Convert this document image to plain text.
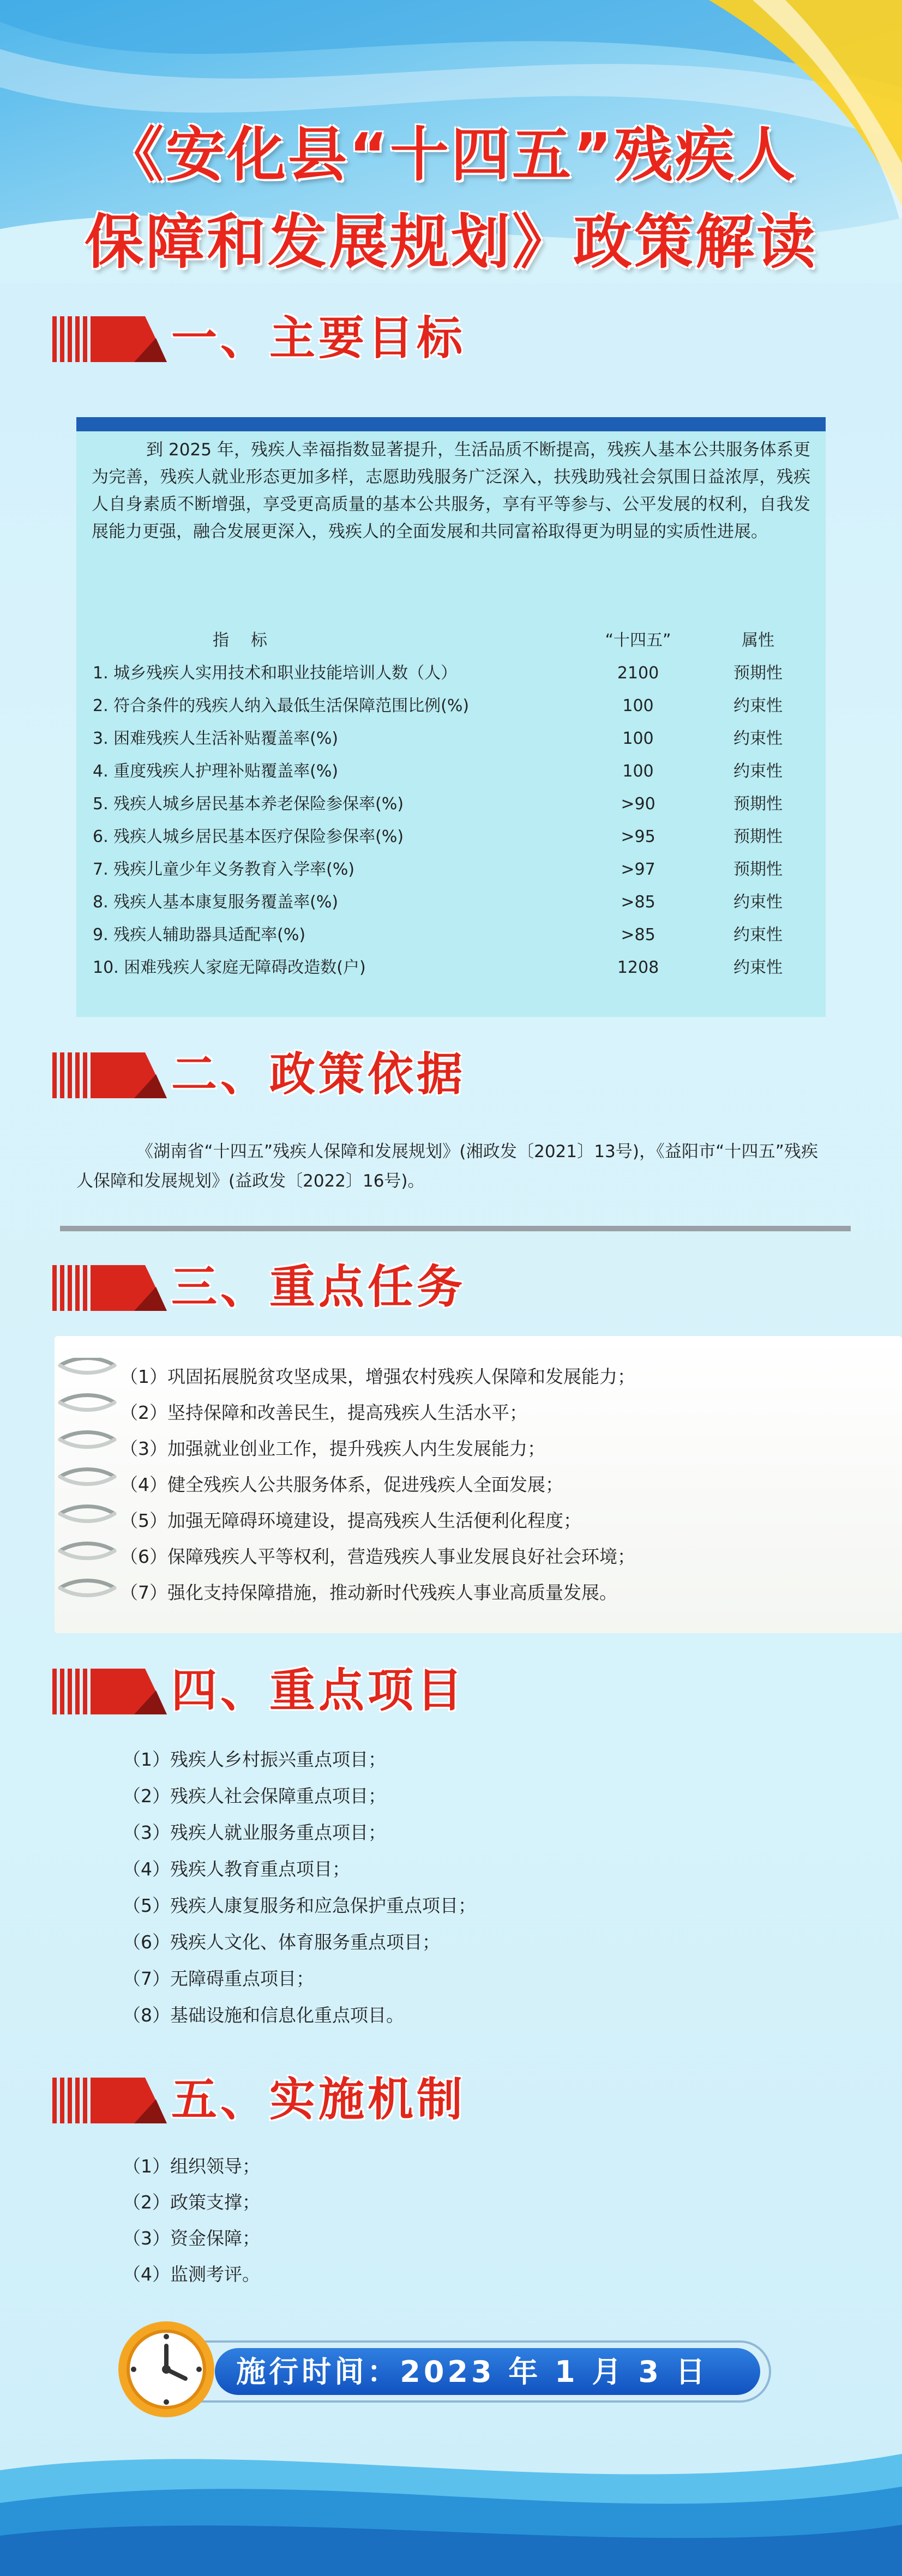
《安化县“十四五”残疾人
保障和发展规划》政策解读
一、主要目标
到 2025 年，残疾人幸福指数显著提升，生活品质不断提高，残疾人基本公共服务体系更为完善，残疾人就业形态更加多样，志愿助残服务广泛深入，扶残助残社会氛围日益浓厚，残疾人自身素质不断增强，享受更高质量的基本公共服务，享有平等参与、公平发展的权利，自我发展能力更强，融合发展更深入，残疾人的全面发展和共同富裕取得更为明显的实质性进展。
指标	“十四五”	属性
1. 城乡残疾人实用技术和职业技能培训人数（人）	2100	预期性
2. 符合条件的残疾人纳入最低生活保障范围比例(%)	100	约束性
3. 困难残疾人生活补贴覆盖率(%)	100	约束性
4. 重度残疾人护理补贴覆盖率(%)	100	约束性
5. 残疾人城乡居民基本养老保险参保率(%)	>90	预期性
6. 残疾人城乡居民基本医疗保险参保率(%)	>95	预期性
7. 残疾儿童少年义务教育入学率(%)	>97	预期性
8. 残疾人基本康复服务覆盖率(%)	>85	约束性
9. 残疾人辅助器具适配率(%)	>85	约束性
10. 困难残疾人家庭无障碍改造数(户)	1208	约束性
二、政策依据
《湖南省“十四五”残疾人保障和发展规划》(湘政发〔2021〕13号)，《益阳市“十四五”残疾人保障和发展规划》(益政发〔2022〕16号)。
三、重点任务
（1）巩固拓展脱贫攻坚成果，增强农村残疾人保障和发展能力；
（2）坚持保障和改善民生，提高残疾人生活水平；
（3）加强就业创业工作，提升残疾人内生发展能力；
（4）健全残疾人公共服务体系，促进残疾人全面发展；
（5）加强无障碍环境建设，提高残疾人生活便利化程度；
（6）保障残疾人平等权利，营造残疾人事业发展良好社会环境；
（7）强化支持保障措施，推动新时代残疾人事业高质量发展。
四、重点项目
（1）残疾人乡村振兴重点项目；
（2）残疾人社会保障重点项目；
（3）残疾人就业服务重点项目；
（4）残疾人教育重点项目；
（5）残疾人康复服务和应急保护重点项目；
（6）残疾人文化、体育服务重点项目；
（7）无障碍重点项目；
（8）基础设施和信息化重点项目。
五、实施机制
（1）组织领导；
（2）政策支撑；
（3）资金保障；
（4）监测考评。
施行时间：2023 年 1 月 3 日
